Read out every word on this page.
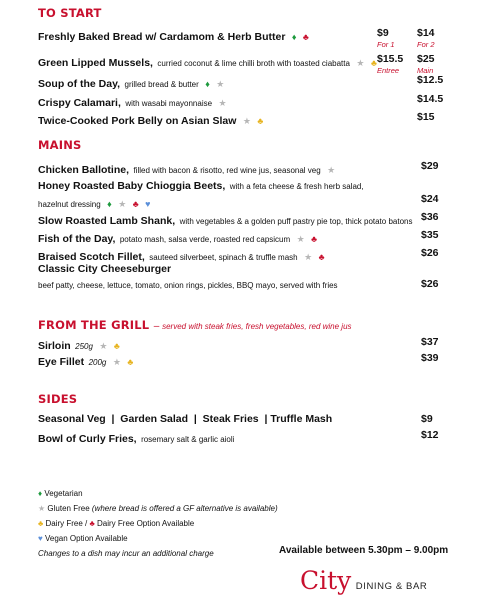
TO START
Freshly Baked Bread w/ Cardamom & Herb Butter ♦ ♣	$9
For 1
$14
For 2
Green Lipped Mussels, curried coconut & lime chilli broth with toasted ciabatta ★ ♣ $15.5
Entree
$25
Main
Soup of the Day, grilled bread & butter ♦ ★	$12.5
Crispy Calamari, with wasabi mayonnaise ★	$14.5
Twice-Cooked Pork Belly on Asian Slaw ★ ♣	$15
MAINS
Chicken Ballotine, filled with bacon & risotto, red wine jus, seasonal veg ★	$29
Honey Roasted Baby Chioggia Beets, with a feta cheese & fresh herb salad,
hazelnut dressing ♦ ★ ♣ ♥	$24
Slow Roasted Lamb Shank, with vegetables & a golden puff pastry pie top, thick potato batons $36
Fish of the Day, potato mash, salsa verde, roasted red capsicum ★ ♣	$35
Braised Scotch Fillet, sauteed silverbeet, spinach & truffle mash ★ ♣	$26
Classic City Cheeseburger
beef patty, cheese, lettuce, tomato, onion rings, pickles, BBQ mayo, served with fries	$26
FROM THE GRILL – served with steak fries, fresh vegetables, red wine jus
Sirloin 250g ★ ♣	$37
Eye Fillet 200g ★ ♣	$39
SIDES
Seasonal Veg  |  Garden Salad  |  Steak Fries  | Truffle Mash	$9
Bowl of Curly Fries, rosemary salt & garlic aioli	$12
♦ Vegetarian
★ Gluten Free (where bread is offered a GF alternative is available)
♣ Dairy Free / ♣ Dairy Free Option Available
♥ Vegan Option Available
Changes to a dish may incur an additional charge	Available between 5.30pm – 9.00pm
City DINING & BAR
